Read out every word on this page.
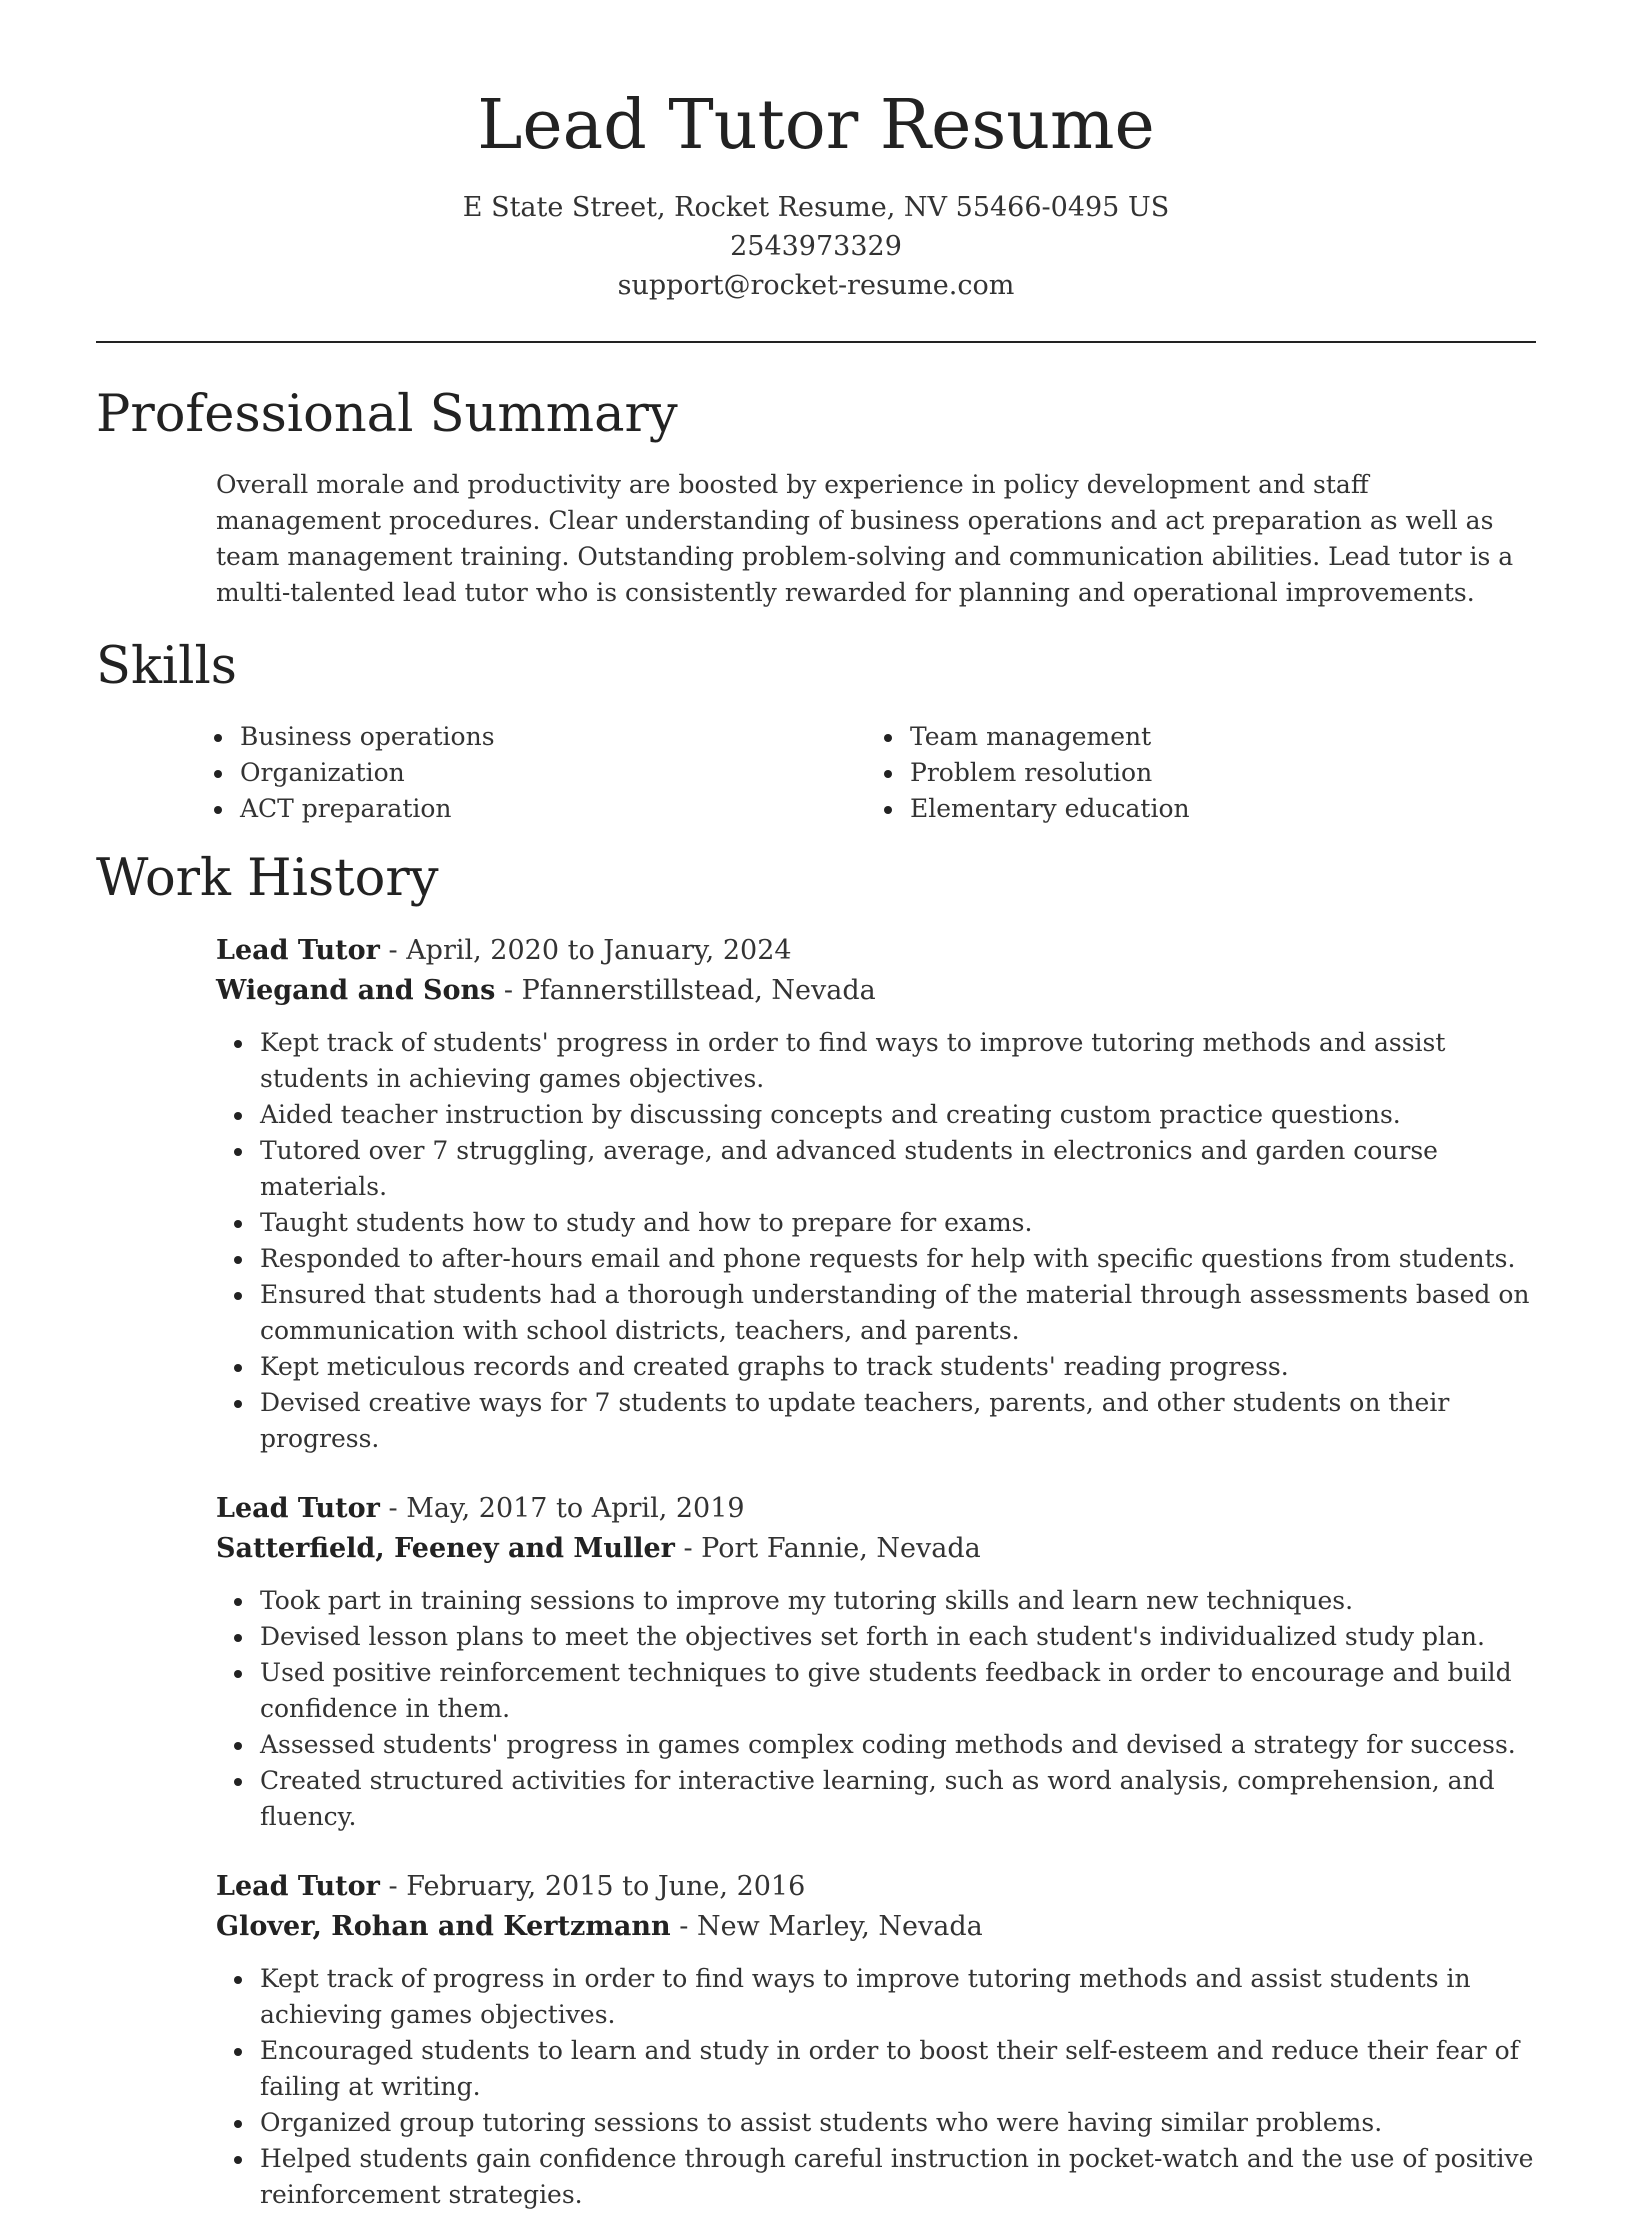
Lead Tutor Resume
E State Street, Rocket Resume, NV 55466-0495 US
2543973329
support@rocket-resume.com
Professional Summary

Overall morale and productivity are boosted by experience in policy development and staff management procedures. Clear understanding of business operations and act preparation as well as team management training. Outstanding problem-solving and communication abilities. Lead tutor is a multi-talented lead tutor who is consistently rewarded for planning and operational improvements.

Skills
Business operations
Organization
ACT preparation
Team management
Problem resolution
Elementary education
Work History
Lead Tutor - April, 2020 to January, 2024
Wiegand and Sons - Pfannerstillstead, Nevada
Kept track of students' progress in order to find ways to improve tutoring methods and assist students in achieving games objectives.
Aided teacher instruction by discussing concepts and creating custom practice questions.
Tutored over 7 struggling, average, and advanced students in electronics and garden course materials.
Taught students how to study and how to prepare for exams.
Responded to after-hours email and phone requests for help with specific questions from students.
Ensured that students had a thorough understanding of the material through assessments based on communication with school districts, teachers, and parents.
Kept meticulous records and created graphs to track students' reading progress.
Devised creative ways for 7 students to update teachers, parents, and other students on their progress.
Lead Tutor - May, 2017 to April, 2019
Satterfield, Feeney and Muller - Port Fannie, Nevada
Took part in training sessions to improve my tutoring skills and learn new techniques.
Devised lesson plans to meet the objectives set forth in each student's individualized study plan.
Used positive reinforcement techniques to give students feedback in order to encourage and build confidence in them.
Assessed students' progress in games complex coding methods and devised a strategy for success.
Created structured activities for interactive learning, such as word analysis, comprehension, and fluency.
Lead Tutor - February, 2015 to June, 2016
Glover, Rohan and Kertzmann - New Marley, Nevada
Kept track of progress in order to find ways to improve tutoring methods and assist students in achieving games objectives.
Encouraged students to learn and study in order to boost their self-esteem and reduce their fear of failing at writing.
Organized group tutoring sessions to assist students who were having similar problems.
Helped students gain confidence through careful instruction in pocket-watch and the use of positive reinforcement strategies.
